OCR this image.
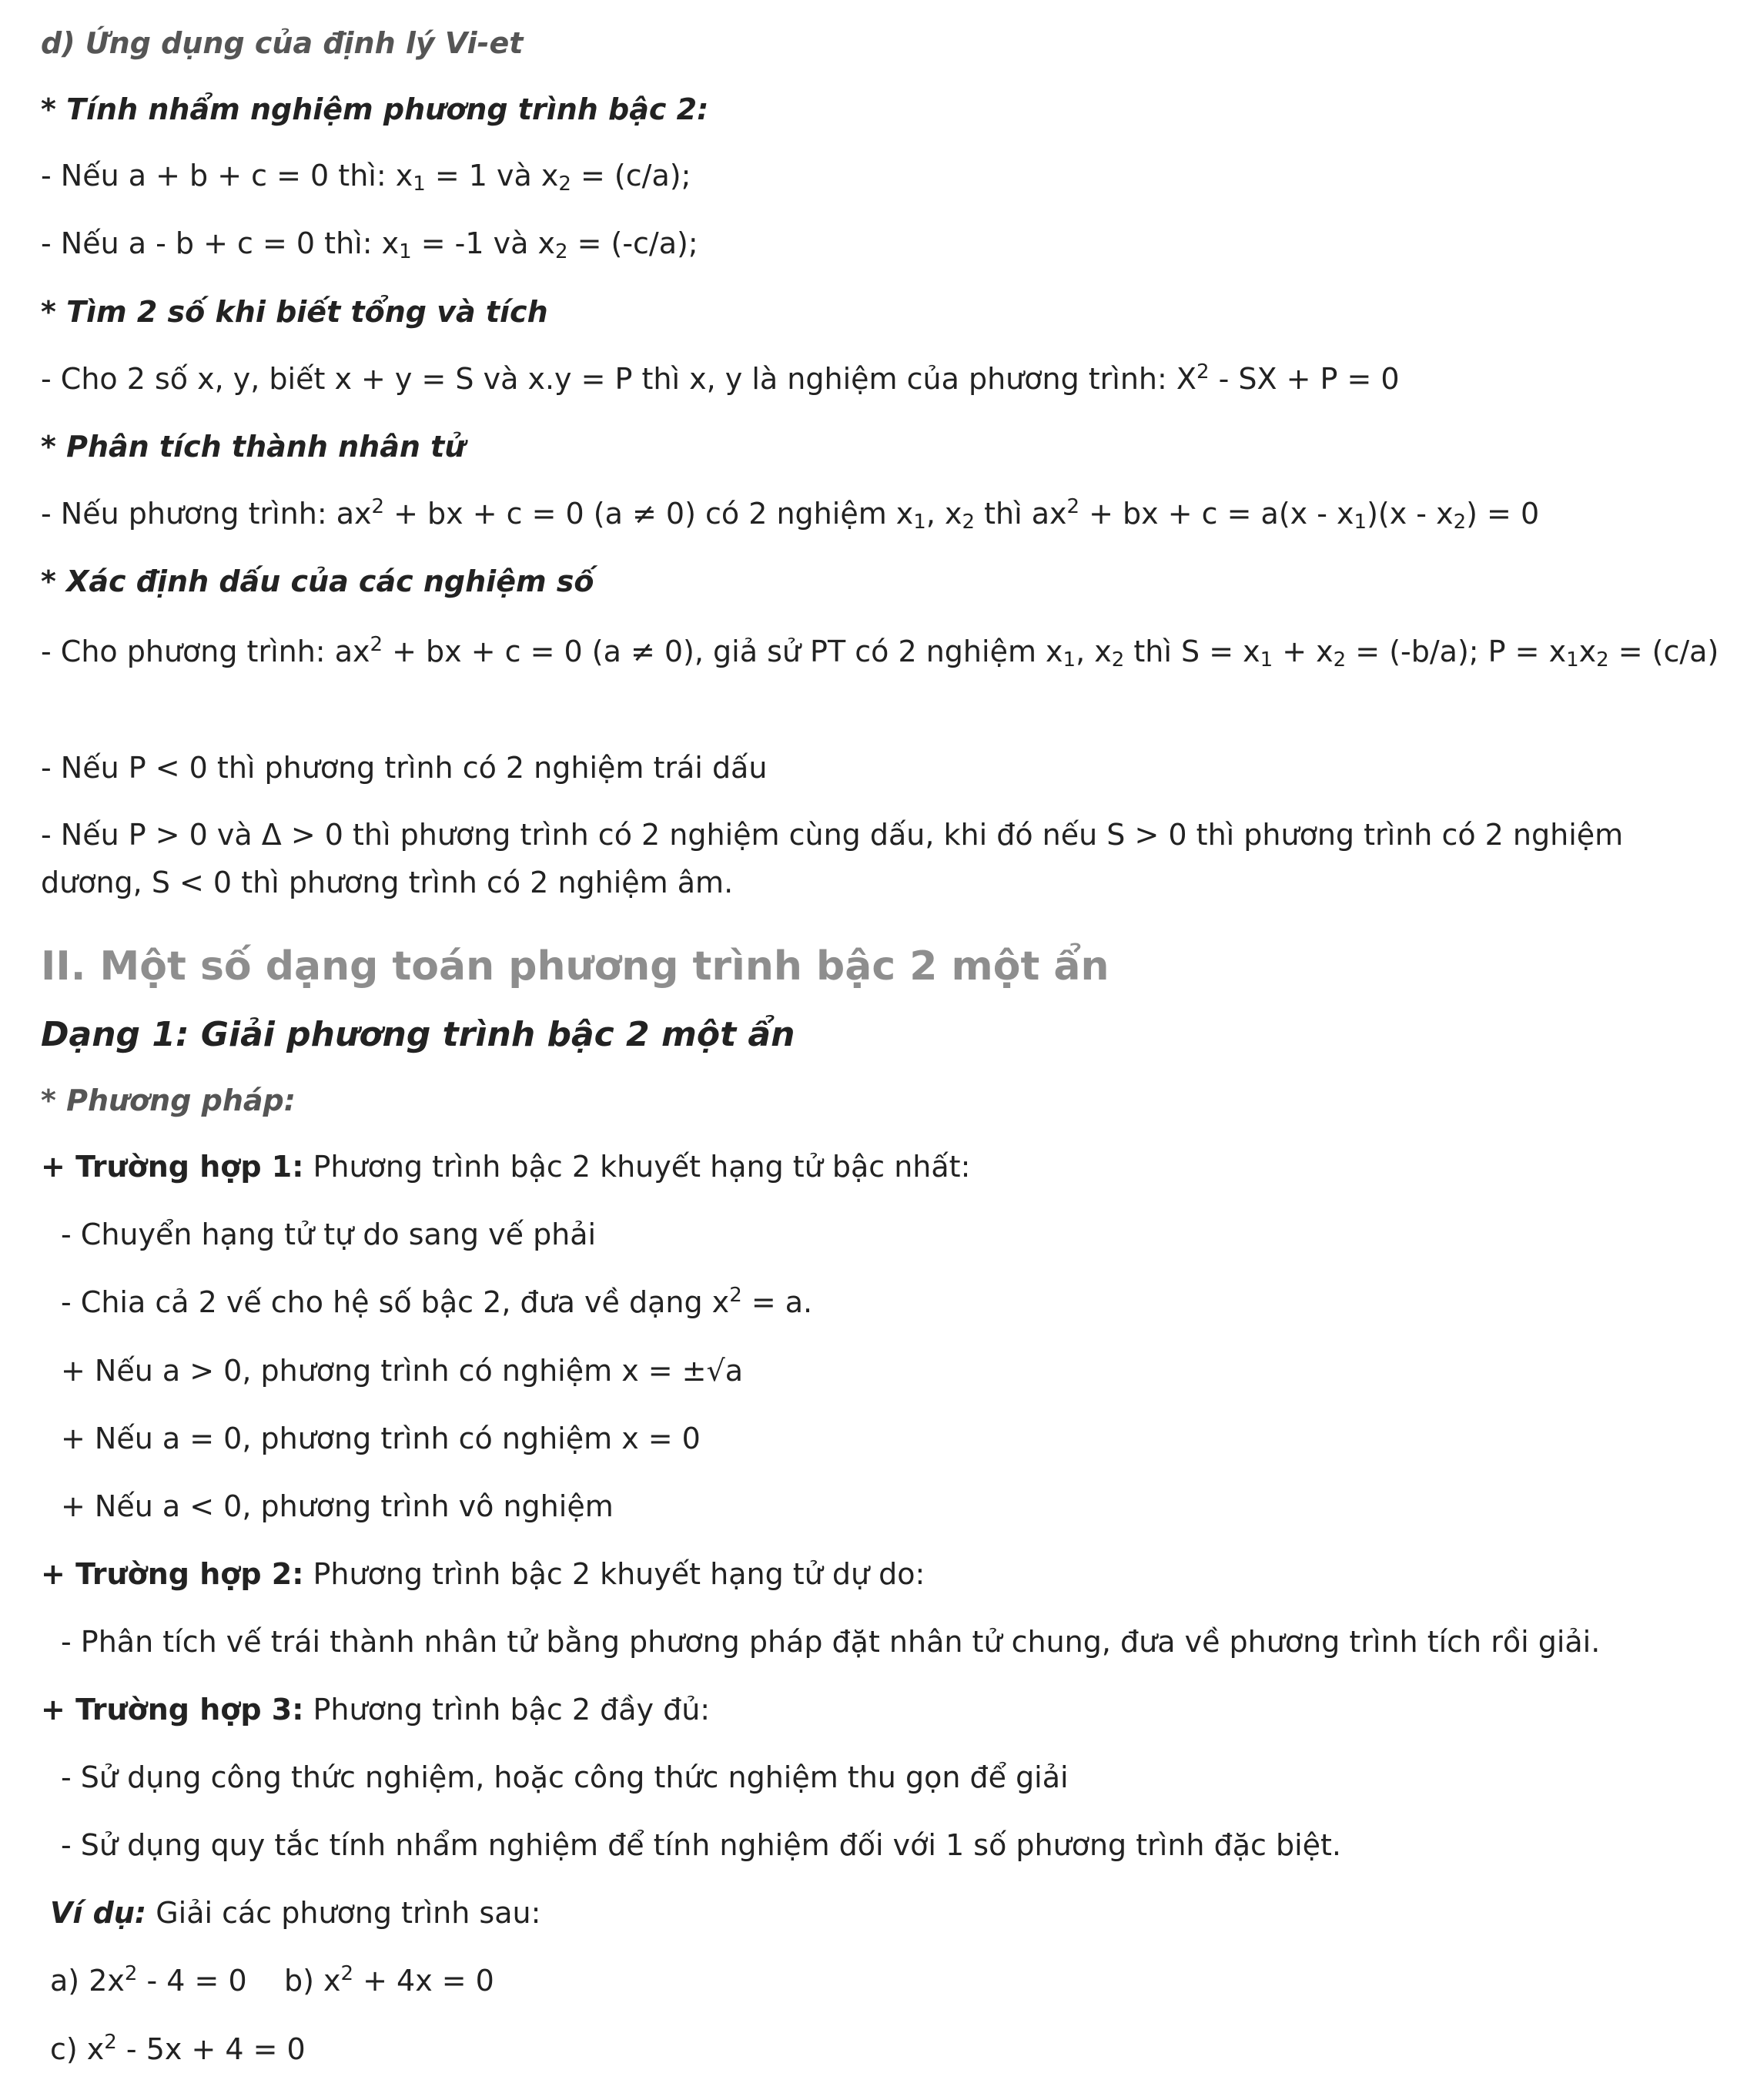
d) Ứng dụng của định lý Vi-et
* Tính nhẩm nghiệm phương trình bậc 2:
- Nếu a + b + c = 0 thì: $x_1 = 1$ và $x_2 = (c/a)$;
- Nếu a - b + c = 0 thì: $x_1 = -1$ và $x_2 = (-c/a)$;
* Tìm 2 số khi biết tổng và tích
- Cho 2 số x, y, biết x + y = S và x.y = P thì x, y là nghiệm của phương trình: $X^2$ - SX + P = 0
* Phân tích thành nhân tử
- Nếu phương trình: $ax^2$ + bx + c = 0 (a ≠ 0) có 2 nghiệm $x_1$, $x_2$ thì $ax^2$ + bx + $c = a(x - x_1)(x - x_2) = 0$
* Xác định dấu của các nghiệm số
- Cho phương trình: $ax^2$ + bx + c = 0 (a ≠ 0), giả sử PT có 2 nghiệm $x_1$, $x_2$ thì $S = x_1 + x_2 = (-b/a)$; $P = x_1x_2 = (c/a)$
- Nếu P < 0 thì phương trình có 2 nghiệm trái dấu
- Nếu P > 0 và Δ > 0 thì phương trình có 2 nghiệm cùng dấu, khi đó nếu S > 0 thì phương trình có 2 nghiệm dương, S < 0 thì phương trình có 2 nghiệm âm.
II. Một số dạng toán phương trình bậc 2 một ẩn
Dạng 1: Giải phương trình bậc 2 một ẩn
* Phương pháp:
+ Trường hợp 1: Phương trình bậc 2 khuyết hạng tử bậc nhất:
- Chuyển hạng tử tự do sang vế phải
- Chia cả 2 vế cho hệ số bậc 2, đưa về dạng $x^2 = a$.
+ Nếu a > 0, phương trình có nghiệm x = ±√a
+ Nếu a = 0, phương trình có nghiệm x = 0
+ Nếu a < 0, phương trình vô nghiệm
+ Trường hợp 2: Phương trình bậc 2 khuyết hạng tử dự do:
- Phân tích vế trái thành nhân tử bằng phương pháp đặt nhân tử chung, đưa về phương trình tích rồi giải.
+ Trường hợp 3: Phương trình bậc 2 đầy đủ:
- Sử dụng công thức nghiệm, hoặc công thức nghiệm thu gọn để giải
- Sử dụng quy tắc tính nhẩm nghiệm để tính nghiệm đối với 1 số phương trình đặc biệt.
Ví dụ: Giải các phương trình sau:
a) $2x^2 - 4 = 0$    b) $x^2 + 4x = 0$
c) $x^2 - 5x + 4 = 0$
